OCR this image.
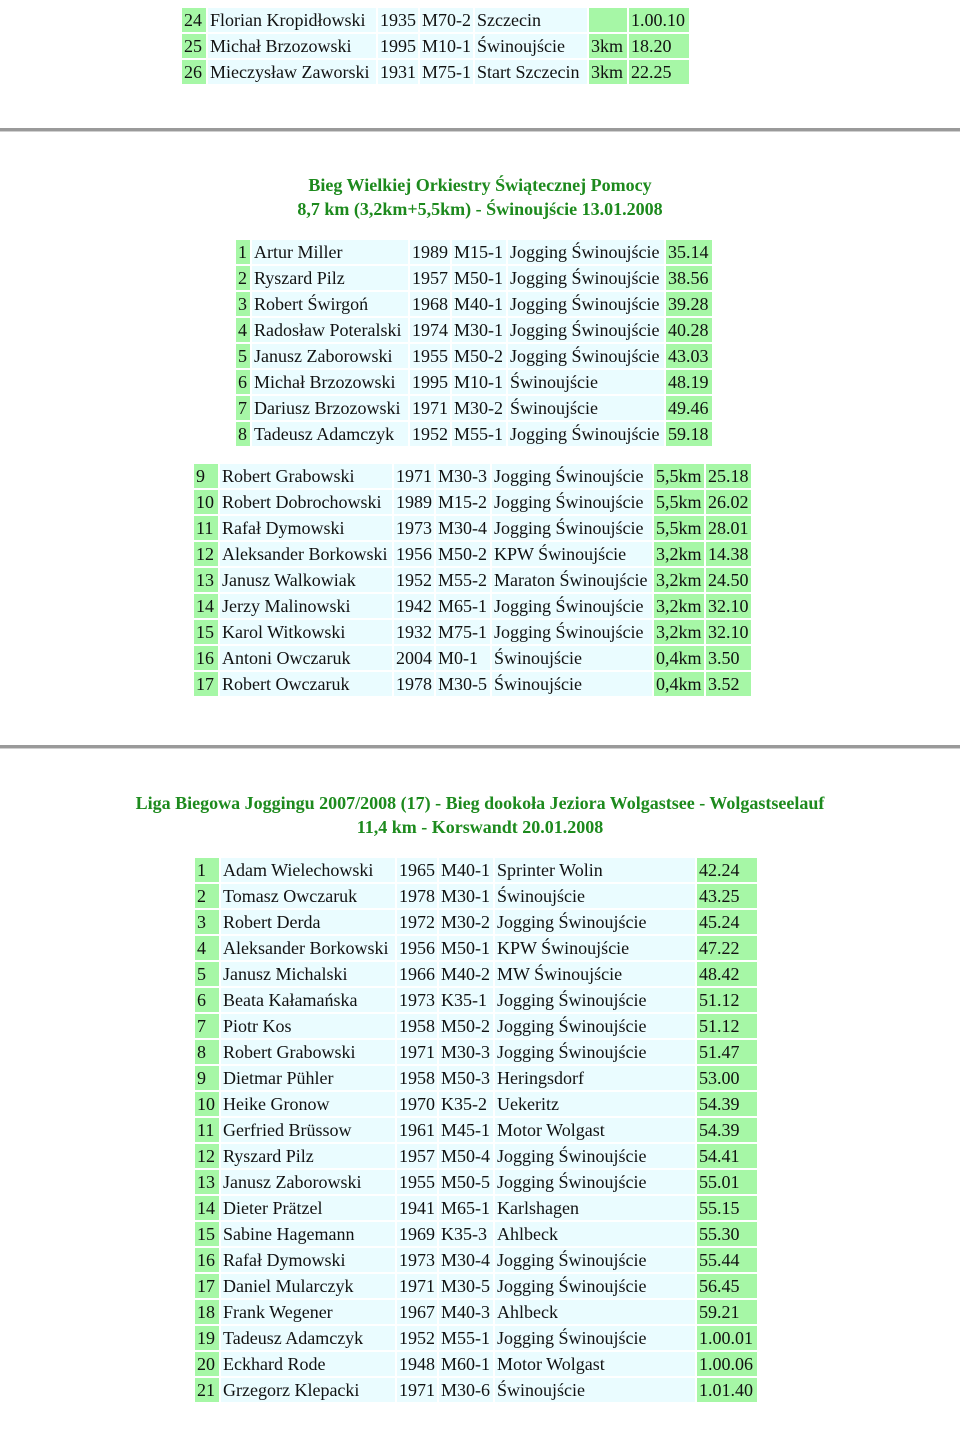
24	Florian Kropidłowski	1935	M70-2	Szczecin		1.00.10
25	Michał Brzozowski	1995	M10-1	Świnoujście	3km	18.20
26	Mieczysław Zaworski	1931	M75-1	Start Szczecin	3km	22.25
Bieg Wielkiej Orkiestry Świątecznej Pomocy
8,7 km (3,2km+5,5km) - Świnoujście 13.01.2008
1	Artur Miller	1989	M15-1	Jogging Świnoujście	35.14
2	Ryszard Pilz	1957	M50-1	Jogging Świnoujście	38.56
3	Robert Świrgoń	1968	M40-1	Jogging Świnoujście	39.28
4	Radosław Poteralski	1974	M30-1	Jogging Świnoujście	40.28
5	Janusz Zaborowski	1955	M50-2	Jogging Świnoujście	43.03
6	Michał Brzozowski	1995	M10-1	Świnoujście	48.19
7	Dariusz Brzozowski	1971	M30-2	Świnoujście	49.46
8	Tadeusz Adamczyk	1952	M55-1	Jogging Świnoujście	59.18
9	Robert Grabowski	1971	M30-3	Jogging Świnoujście	5,5km	25.18
10	Robert Dobrochowski	1989	M15-2	Jogging Świnoujście	5,5km	26.02
11	Rafał Dymowski	1973	M30-4	Jogging Świnoujście	5,5km	28.01
12	Aleksander Borkowski	1956	M50-2	KPW Świnoujście	3,2km	14.38
13	Janusz Walkowiak	1952	M55-2	Maraton Świnoujście	3,2km	24.50
14	Jerzy Malinowski	1942	M65-1	Jogging Świnoujście	3,2km	32.10
15	Karol Witkowski	1932	M75-1	Jogging Świnoujście	3,2km	32.10
16	Antoni Owczaruk	2004	M0-1	Świnoujście	0,4km	3.50
17	Robert Owczaruk	1978	M30-5	Świnoujście	0,4km	3.52
Liga Biegowa Joggingu 2007/2008 (17) - Bieg dookoła Jeziora Wolgastsee - Wolgastseelauf
11,4 km - Korswandt 20.01.2008
1	Adam Wielechowski	1965	M40-1	Sprinter Wolin	42.24
2	Tomasz Owczaruk	1978	M30-1	Świnoujście	43.25
3	Robert Derda	1972	M30-2	Jogging Świnoujście	45.24
4	Aleksander Borkowski	1956	M50-1	KPW Świnoujście	47.22
5	Janusz Michalski	1966	M40-2	MW Świnoujście	48.42
6	Beata Kałamańska	1973	K35-1	Jogging Świnoujście	51.12
7	Piotr Kos	1958	M50-2	Jogging Świnoujście	51.12
8	Robert Grabowski	1971	M30-3	Jogging Świnoujście	51.47
9	Dietmar Pühler	1958	M50-3	Heringsdorf	53.00
10	Heike Gronow	1970	K35-2	Uekeritz	54.39
11	Gerfried Brüssow	1961	M45-1	Motor Wolgast	54.39
12	Ryszard Pilz	1957	M50-4	Jogging Świnoujście	54.41
13	Janusz Zaborowski	1955	M50-5	Jogging Świnoujście	55.01
14	Dieter Prätzel	1941	M65-1	Karlshagen	55.15
15	Sabine Hagemann	1969	K35-3	Ahlbeck	55.30
16	Rafał Dymowski	1973	M30-4	Jogging Świnoujście	55.44
17	Daniel Mularczyk	1971	M30-5	Jogging Świnoujście	56.45
18	Frank Wegener	1967	M40-3	Ahlbeck	59.21
19	Tadeusz Adamczyk	1952	M55-1	Jogging Świnoujście	1.00.01
20	Eckhard Rode	1948	M60-1	Motor Wolgast	1.00.06
21	Grzegorz Klepacki	1971	M30-6	Świnoujście	1.01.40
